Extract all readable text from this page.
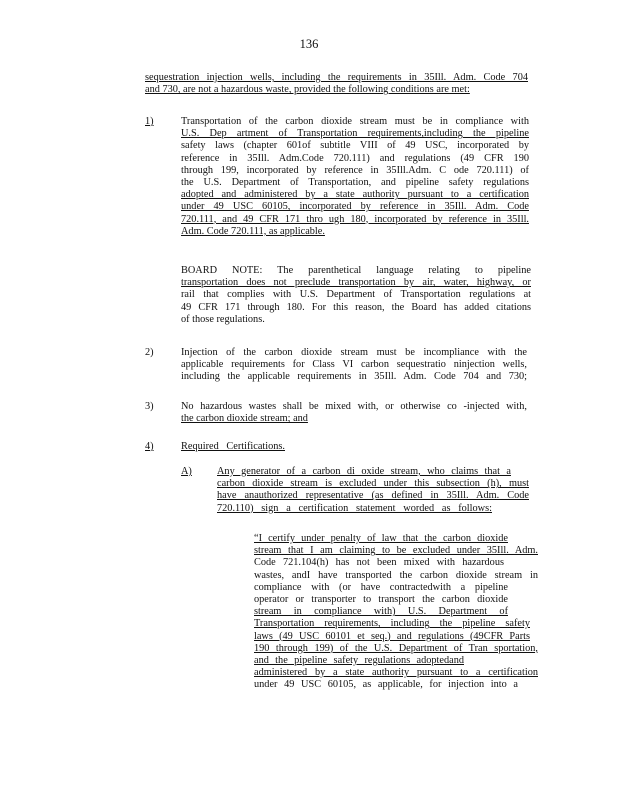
136
sequestration injection wells, including the requirements in 35Ill. Adm. Code 704
and 730, are not a hazardous waste, provided the following conditions are met:
1)	Transportation of the carbon dioxide stream must be in compliance with
U.S. Dep artment of Transportation requirements,including the pipeline
safety laws (chapter 601of subtitle VIII of 49 USC, incorporated by
reference in 35Ill. Adm.Code 720.111) and regulations (49 CFR 190
through 199, incorporated by reference in 35Ill.Adm. C ode 720.111) of
the U.S. Department of Transportation, and pipeline safety regulations
adopted and administered by a state authority pursuant to a certification
under 49 USC 60105, incorporated by reference in 35Ill. Adm. Code
720.111, and 49 CFR 171 thro ugh 180, incorporated by reference in 35Ill.
Adm. Code 720.111, as applicable.
BOARD NOTE: The parenthetical language relating to pipeline
transportation does not preclude transportation by air, water, highway, or
rail that complies with U.S. Department of Transportation regulations at
49 CFR 171 through 180. For this reason, the Board has added citations
of those regulations.
2)	Injection of the carbon dioxide stream must be incompliance with the
applicable requirements for Class VI carbon sequestratio ninjection wells,
including the applicable requirements in 35Ill. Adm. Code 704 and 730;
3)	No hazardous wastes shall be mixed with, or otherwise co -injected with,
the carbon dioxide stream; and
4)	Required Certifications.
A) Any generator of a carbon di oxide stream, who claims that a
carbon dioxide stream is excluded under this subsection (h), must
have anauthorized representative (as defined in 35Ill. Adm. Code
720.110) sign a certification statement worded as follows:
“I certify under penalty of law that the carbon dioxide
stream that I am claiming to be excluded under 35Ill. Adm.
Code 721.104(h) has not been mixed with hazardous
wastes, andI have transported the carbon dioxide stream in
compliance with (or have contractedwith a pipeline
operator or transporter to transport the carbon dioxide
stream in compliance with) U.S. Department of
Transportation requirements, including the pipeline safety
laws (49 USC 60101 et seq.) and regulations (49CFR Parts
190 through 199) of the U.S. Department of Tran sportation,
and the pipeline safety regulations adoptedand
administered by a state authority pursuant to a certification
under 49 USC 60105, as applicable, for injection into a
